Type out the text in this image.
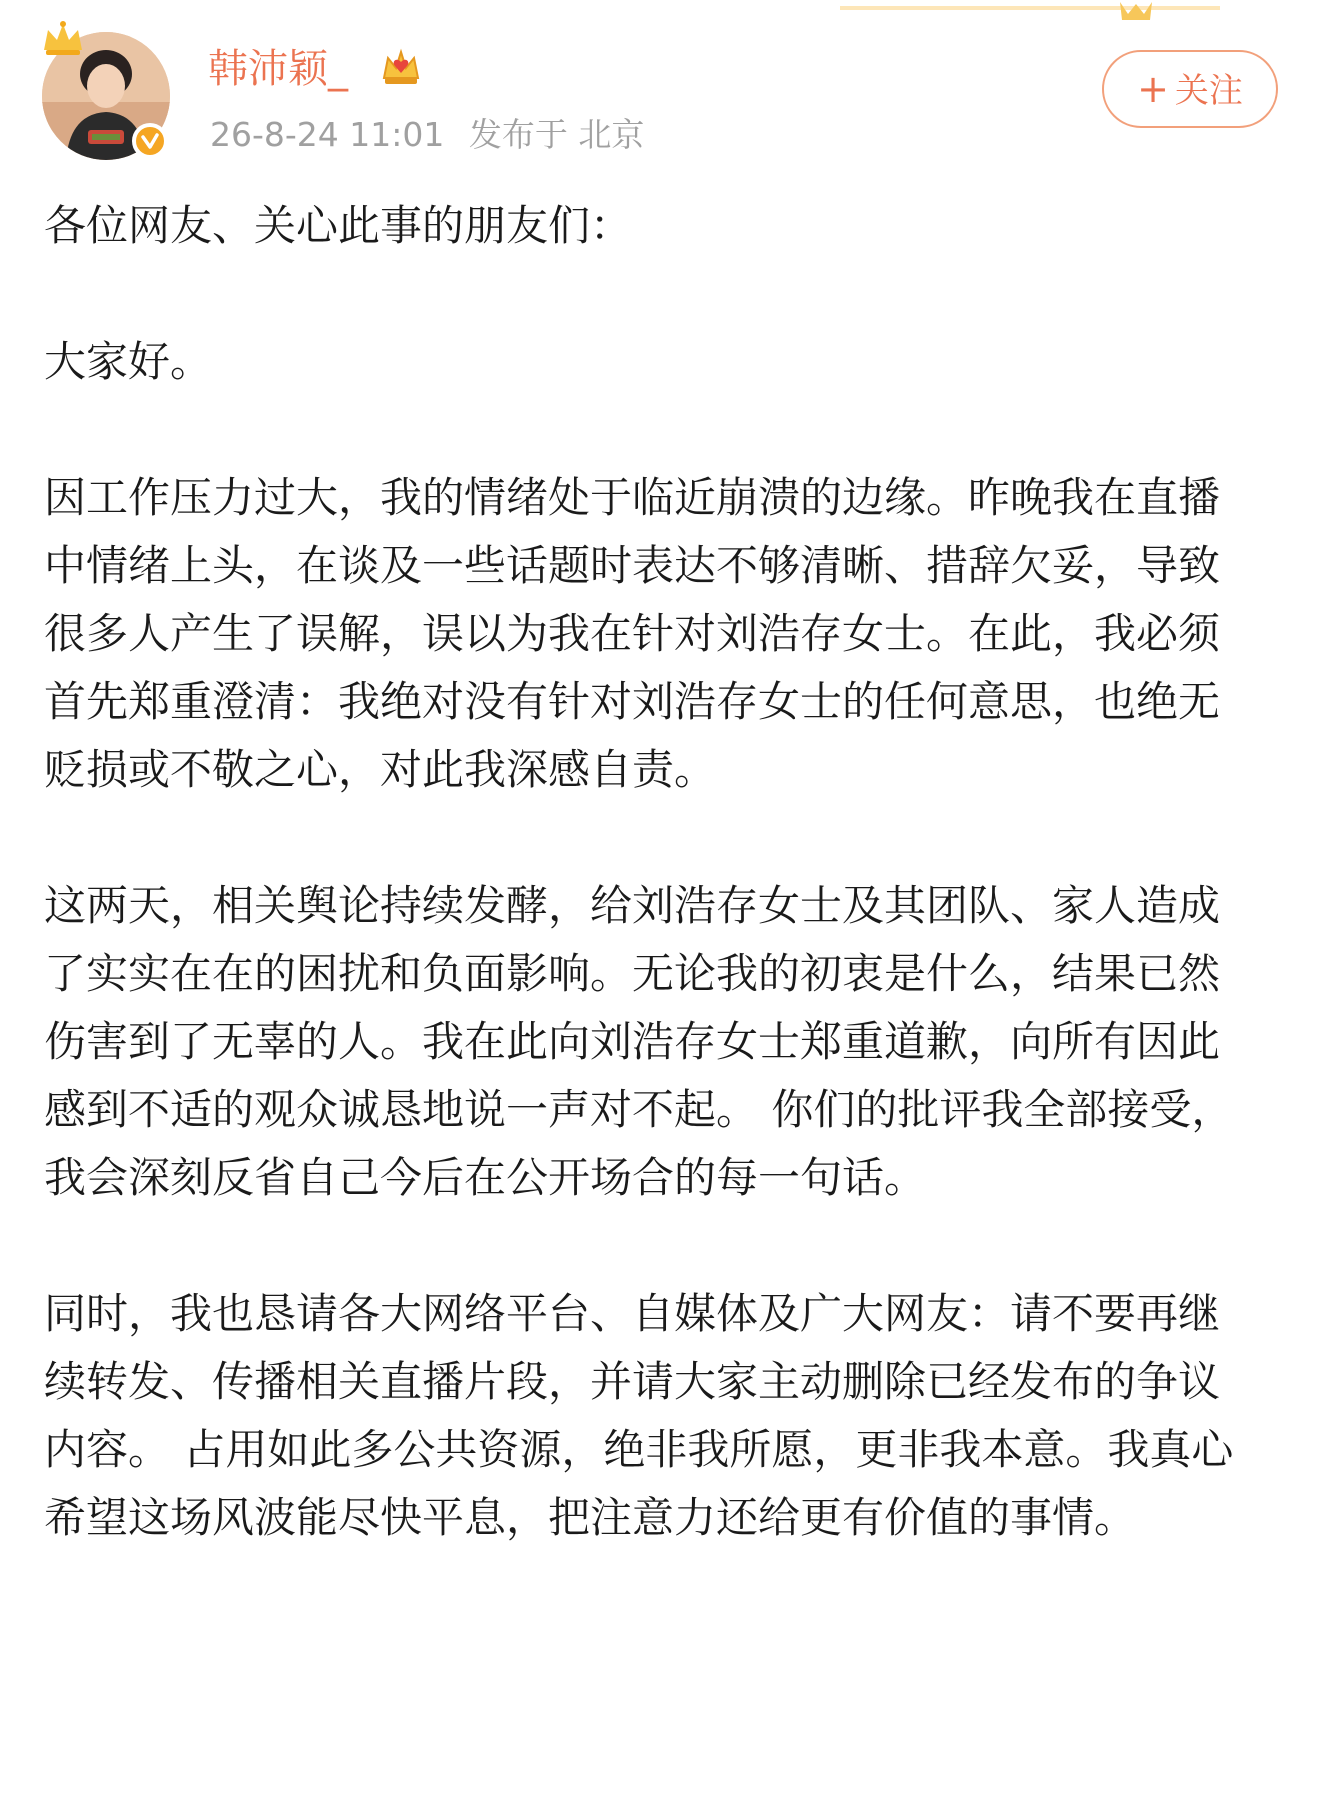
韩沛颖_
26-8-24 11:01 发布于 北京
+ 关注

各位网友、关心此事的朋友们：

大家好。

因工作压力过大，我的情绪处于临近崩溃的边缘。昨晚我在直播中情绪上头，在谈及一些话题时表达不够清晰、措辞欠妥，导致很多人产生了误解，误以为我在针对刘浩存女士。在此，我必须首先郑重澄清：我绝对没有针对刘浩存女士的任何意思，也绝无贬损或不敬之心，对此我深感自责。

这两天，相关舆论持续发酵，给刘浩存女士及其团队、家人造成了实实在在的困扰和负面影响。无论我的初衷是什么，结果已然伤害到了无辜的人。我在此向刘浩存女士郑重道歉，向所有因此感到不适的观众诚恳地说一声对不起。 你们的批评我全部接受，我会深刻反省自己今后在公开场合的每一句话。

同时，我也恳请各大网络平台、自媒体及广大网友：请不要再继续转发、传播相关直播片段，并请大家主动删除已经发布的争议内容。 占用如此多公共资源，绝非我所愿，更非我本意。我真心希望这场风波能尽快平息，把注意力还给更有价值的事情。
